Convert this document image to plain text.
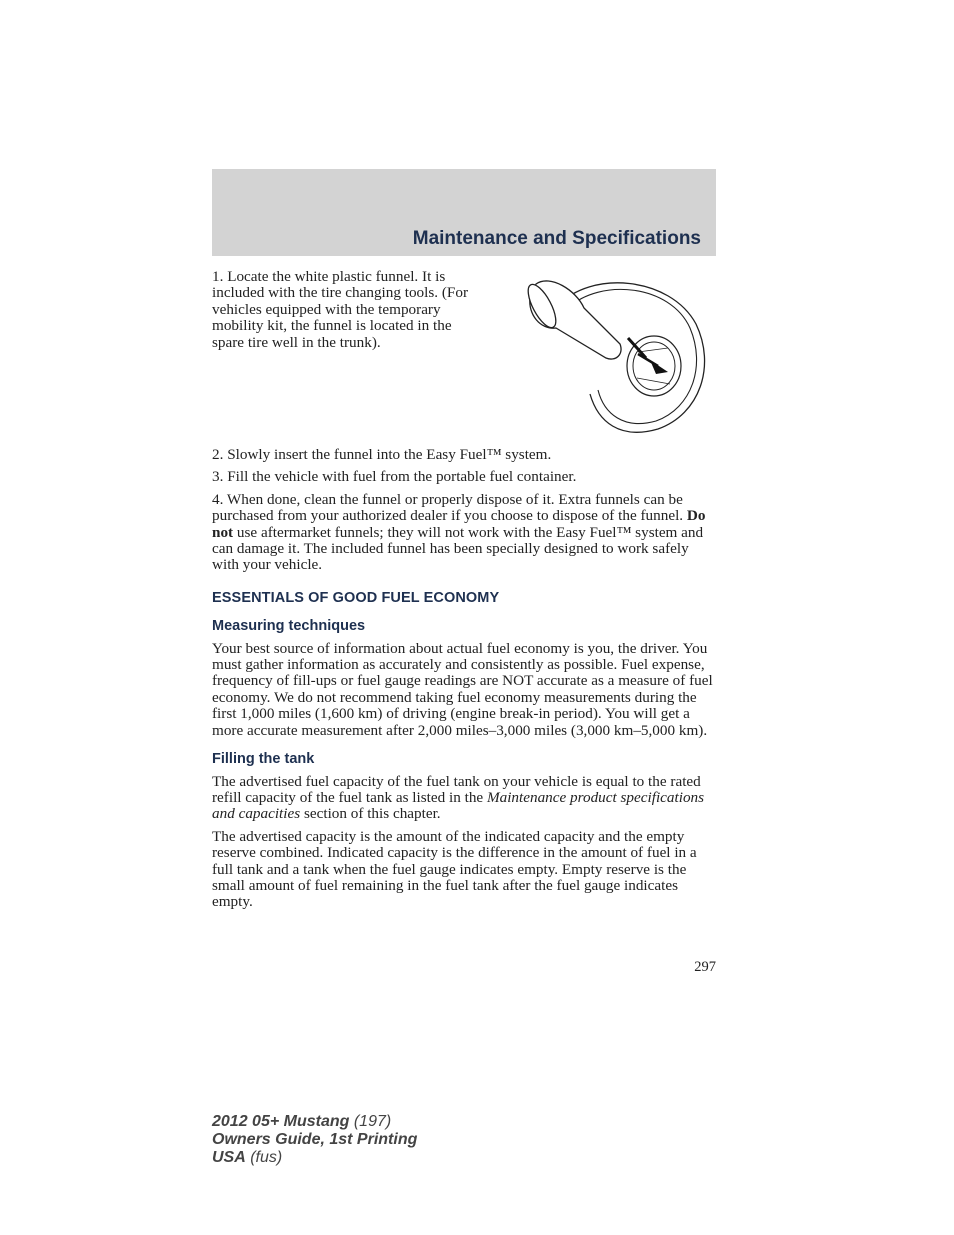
Maintenance and Specifications
1. Locate the white plastic funnel. It is included with the tire changing tools. (For vehicles equipped with the temporary mobility kit, the funnel is located in the spare tire well in the trunk).

2. Slowly insert the funnel into the Easy Fuel™ system.

3. Fill the vehicle with fuel from the portable fuel container.

4. When done, clean the funnel or properly dispose of it. Extra funnels can be purchased from your authorized dealer if you choose to dispose of the funnel. Do not use aftermarket funnels; they will not work with the Easy Fuel™ system and can damage it. The included funnel has been specially designed to work safely with your vehicle.

ESSENTIALS OF GOOD FUEL ECONOMY
Measuring techniques

Your best source of information about actual fuel economy is you, the driver. You must gather information as accurately and consistently as possible. Fuel expense, frequency of fill-ups or fuel gauge readings are NOT accurate as a measure of fuel economy. We do not recommend taking fuel economy measurements during the first 1,000 miles (1,600 km) of driving (engine break-in period). You will get a more accurate measurement after 2,000 miles–3,000 miles (3,000 km–5,000 km).

Filling the tank

The advertised fuel capacity of the fuel tank on your vehicle is equal to the rated refill capacity of the fuel tank as listed in the Maintenance product specifications and capacities section of this chapter.

The advertised capacity is the amount of the indicated capacity and the empty reserve combined. Indicated capacity is the difference in the amount of fuel in a full tank and a tank when the fuel gauge indicates empty. Empty reserve is the small amount of fuel remaining in the fuel tank after the fuel gauge indicates empty.

297
2012 05+ Mustang (197)
Owners Guide, 1st Printing
USA (fus)
